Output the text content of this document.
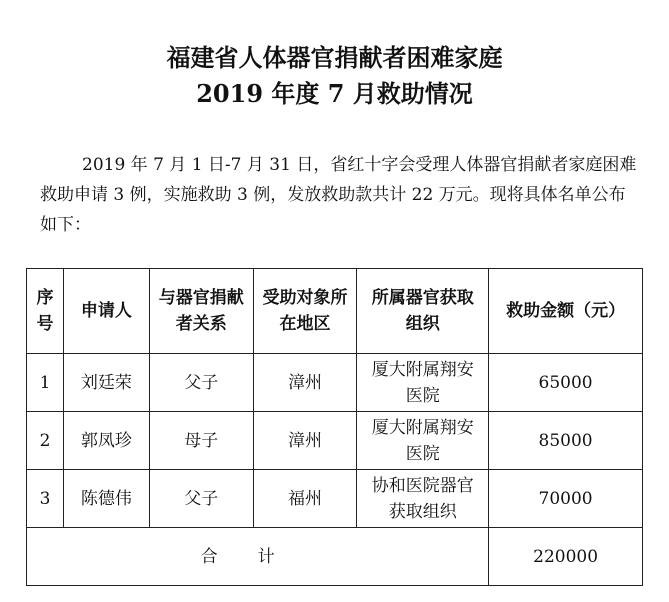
福建省人体器官捐献者困难家庭
2019 年度 7 月救助情况
2019 年 7 月 1 日-7 月 31 日，省红十字会受理人体器官捐献者家庭困难救助申请 3 例，实施救助 3 例，发放救助款共计 22 万元。现将具体名单公布如下：
序号	申请人	与器官捐献者关系	受助对象所在地区	所属器官获取组织	救助金额（元）
1	刘廷荣	父子	漳州	厦大附属翔安医院	65000
2	郭凤珍	母子	漳州	厦大附属翔安医院	85000
3	陈德伟	父子	福州	协和医院器官获取组织	70000
合计					220000
